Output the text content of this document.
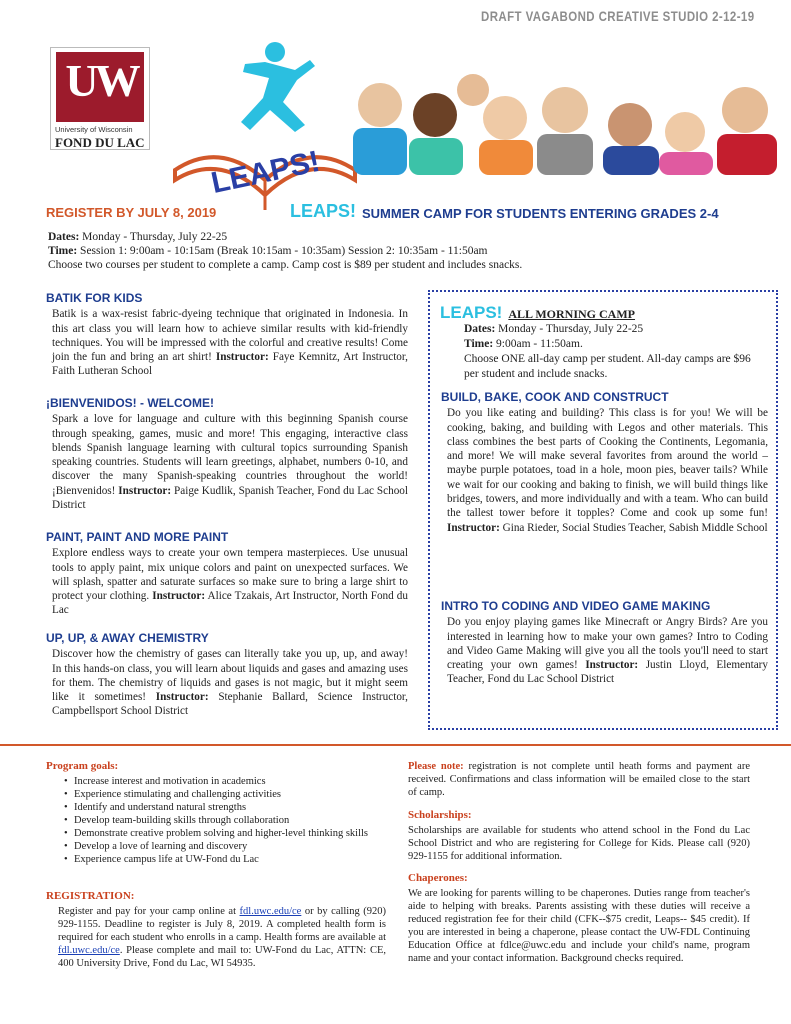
DRAFT VAGABOND CREATIVE STUDIO 2-12-19
UW
University of Wisconsin
FOND DU LAC
LEAPS!
REGISTER BY JULY 8, 2019	LEAPS! SUMMER CAMP FOR STUDENTS ENTERING GRADES 2-4
Dates: Monday - Thursday, July 22-25
Time: Session 1: 9:00am - 10:15am (Break 10:15am - 10:35am) Session 2: 10:35am - 11:50am
Choose two courses per student to complete a camp. Camp cost is $89 per student and includes snacks.
BATIK FOR KIDS

Batik is a wax-resist fabric-dyeing technique that originated in Indonesia. In this art class you will learn how to achieve similar results with kid-friendly techniques. You will be impressed with the colorful and creative results! Come join the fun and bring an art shirt! Instructor: Faye Kemnitz, Art Instructor, Faith Lutheran School

¡BIENVENIDOS! - WELCOME!

Spark a love for language and culture with this beginning Spanish course through speaking, games, music and more! This engaging, interactive class blends Spanish language learning with cultural topics surrounding Spanish speaking countries. Students will learn greetings, alphabet, numbers 0-10, and discover the many Spanish-speaking countries throughout the world! ¡Bienvenidos! Instructor: Paige Kudlik, Spanish Teacher, Fond du Lac School District

PAINT, PAINT AND MORE PAINT

Explore endless ways to create your own tempera masterpieces. Use unusual tools to apply paint, mix unique colors and paint on unexpected surfaces. We will splash, spatter and saturate surfaces so make sure to bring a large shirt to protect your clothing. Instructor: Alice Tzakais, Art Instructor, North Fond du Lac

UP, UP, & AWAY CHEMISTRY

Discover how the chemistry of gases can literally take you up, up, and away! In this hands-on class, you will learn about liquids and gases and amazing uses for them. The chemistry of liquids and gases is not magic, but it might seem like it sometimes! Instructor: Stephanie Ballard, Science Instructor, Campbellsport School District

LEAPS! ALL MORNING CAMP
Dates: Monday - Thursday, July 22-25
Time: 9:00am - 11:50am.
Choose ONE all-day camp per student. All-day camps are $96 per student and include snacks.
BUILD, BAKE, COOK AND CONSTRUCT

Do you like eating and building? This class is for you! We will be cooking, baking, and building with Legos and other materials. This class combines the best parts of Cooking the Continents, Legomania, and more! We will make several favorites from around the world – maybe purple potatoes, toad in a hole, moon pies, beaver tails? While we wait for our cooking and baking to finish, we will build things like bridges, towers, and more individually and with a team. Who can build the tallest tower before it topples? Come and cook up some fun! Instructor: Gina Rieder, Social Studies Teacher, Sabish Middle School

INTRO TO CODING AND VIDEO GAME MAKING

Do you enjoy playing games like Minecraft or Angry Birds? Are you interested in learning how to make your own games? Intro to Coding and Video Game Making will give you all the tools you'll need to start creating your own games! Instructor: Justin Lloyd, Elementary Teacher, Fond du Lac School District

Program goals:
• Increase interest and motivation in academics
• Experience stimulating and challenging activities
• Identify and understand natural strengths
• Develop team-building skills through collaboration
• Demonstrate creative problem solving and higher-level thinking skills
• Develop a love of learning and discovery
• Experience campus life at UW-Fond du Lac
REGISTRATION:

Register and pay for your camp online at fdl.uwc.edu/ce or by calling (920) 929-1155. Deadline to register is July 8, 2019. A completed health form is required for each student who enrolls in a camp. Health forms are available at fdl.uwc.edu/ce. Please complete and mail to: UW-Fond du Lac, ATTN: CE, 400 University Drive, Fond du Lac, WI 54935.

Please note: registration is not complete until heath forms and payment are received. Confirmations and class information will be emailed close to the start of camp.

Scholarships:

Scholarships are available for students who attend school in the Fond du Lac School District and who are registering for College for Kids. Please call (920) 929-1155 for additional information.

Chaperones:

We are looking for parents willing to be chaperones. Duties range from teacher's aide to helping with breaks. Parents assisting with these duties will receive a reduced registration fee for their child (CFK--$75 credit, Leaps-- $45 credit). If you are interested in being a chaperone, please contact the UW-FDL Continuing Education Office at fdlce@uwc.edu and include your child's name, program name and your contact information. Background checks required.
